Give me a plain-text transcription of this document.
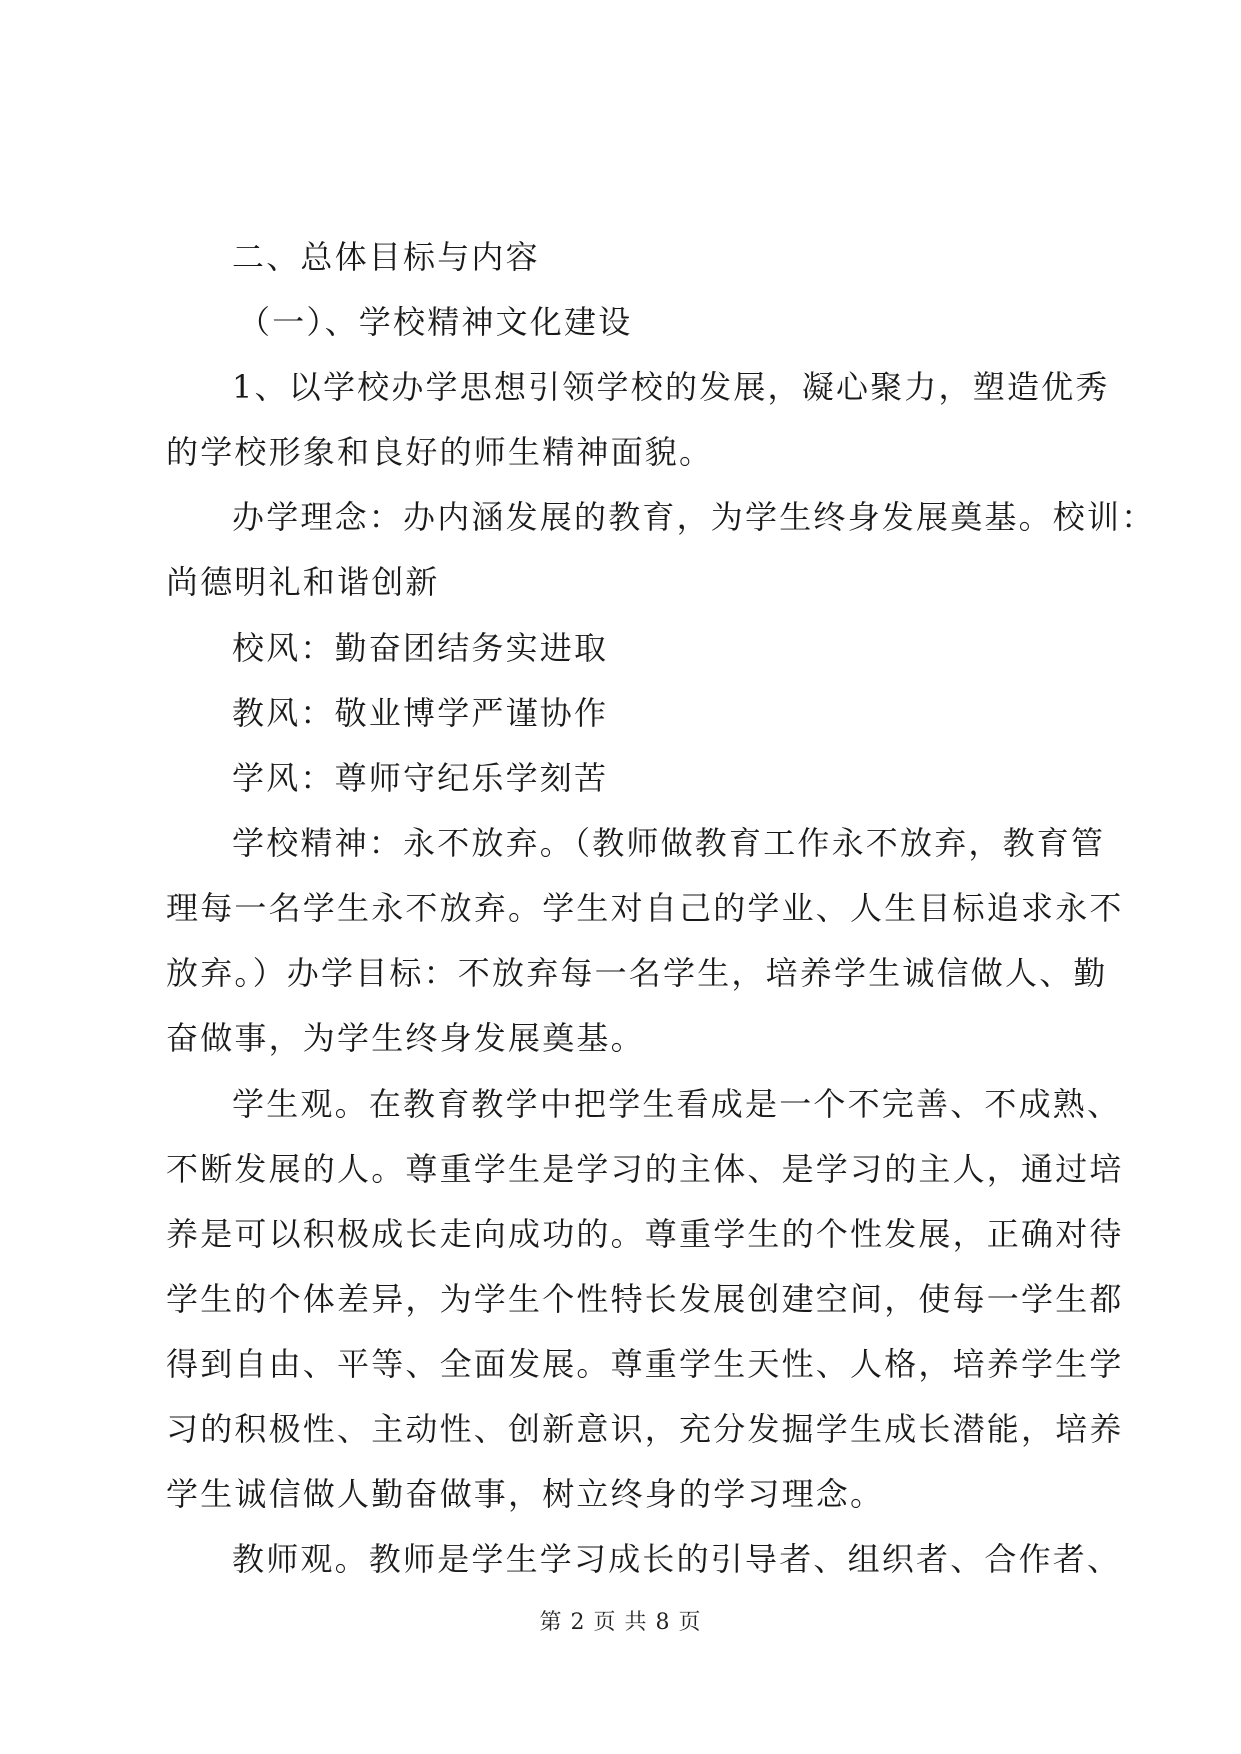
二、总体目标与内容
（一）、学校精神文化建设
1、以学校办学思想引领学校的发展，凝心聚力，塑造优秀
的学校形象和良好的师生精神面貌。
办学理念：办内涵发展的教育，为学生终身发展奠基。校训：
尚德明礼和谐创新
校风：勤奋团结务实进取
教风：敬业博学严谨协作
学风：尊师守纪乐学刻苦
学校精神：永不放弃。（教师做教育工作永不放弃，教育管
理每一名学生永不放弃。学生对自己的学业、人生目标追求永不
放弃。）办学目标：不放弃每一名学生，培养学生诚信做人、勤
奋做事，为学生终身发展奠基。
学生观。在教育教学中把学生看成是一个不完善、不成熟、
不断发展的人。尊重学生是学习的主体、是学习的主人，通过培
养是可以积极成长走向成功的。尊重学生的个性发展，正确对待
学生的个体差异，为学生个性特长发展创建空间，使每一学生都
得到自由、平等、全面发展。尊重学生天性、人格，培养学生学
习的积极性、主动性、创新意识，充分发掘学生成长潜能，培养
学生诚信做人勤奋做事，树立终身的学习理念。
教师观。教师是学生学习成长的引导者、组织者、合作者、
第 2 页 共 8 页
